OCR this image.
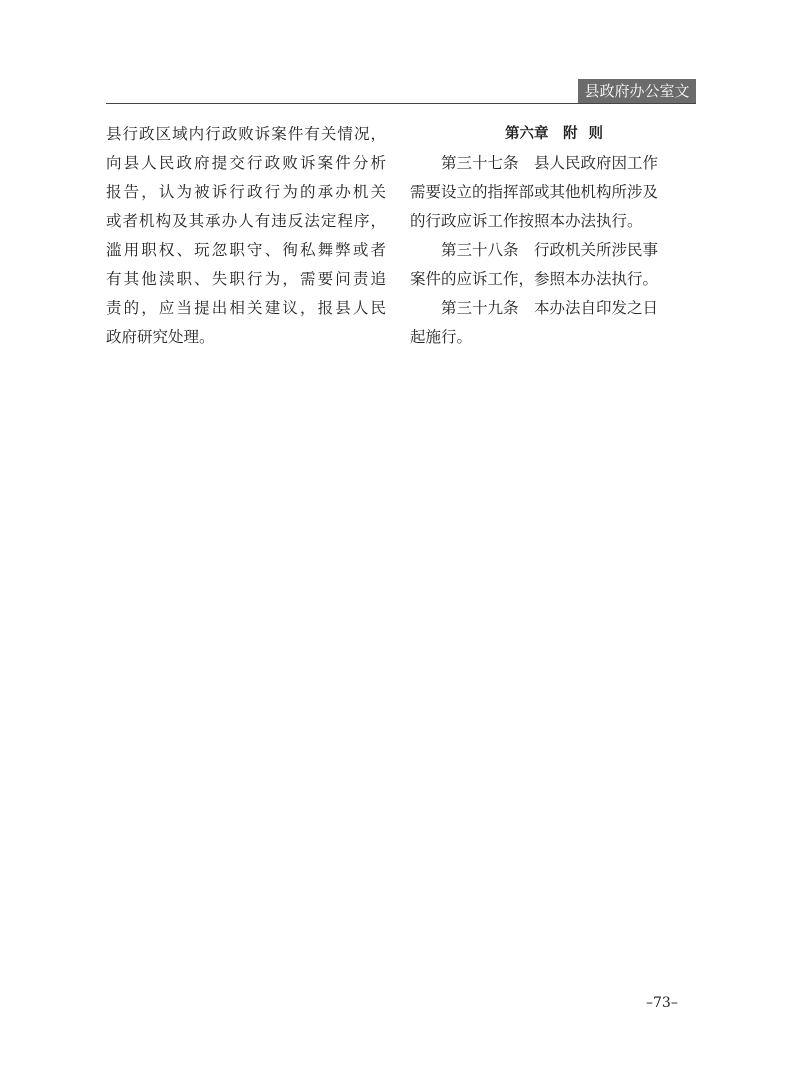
县政府办公室文件
县行政区域内行政败诉案件有关情况，
向县人民政府提交行政败诉案件分析
报告，认为被诉行政行为的承办机关
或者机构及其承办人有违反法定程序，
滥用职权、玩忽职守、徇私舞弊或者
有其他渎职、失职行为，需要问责追
责的，应当提出相关建议，报县人民
政府研究处理。

第六章　附 则

第三十七条　县人民政府因工作
需要设立的指挥部或其他机构所涉及
的行政应诉工作按照本办法执行。
第三十八条　行政机关所涉民事
案件的应诉工作，参照本办法执行。
第三十九条　本办法自印发之日
起施行。
–73–
